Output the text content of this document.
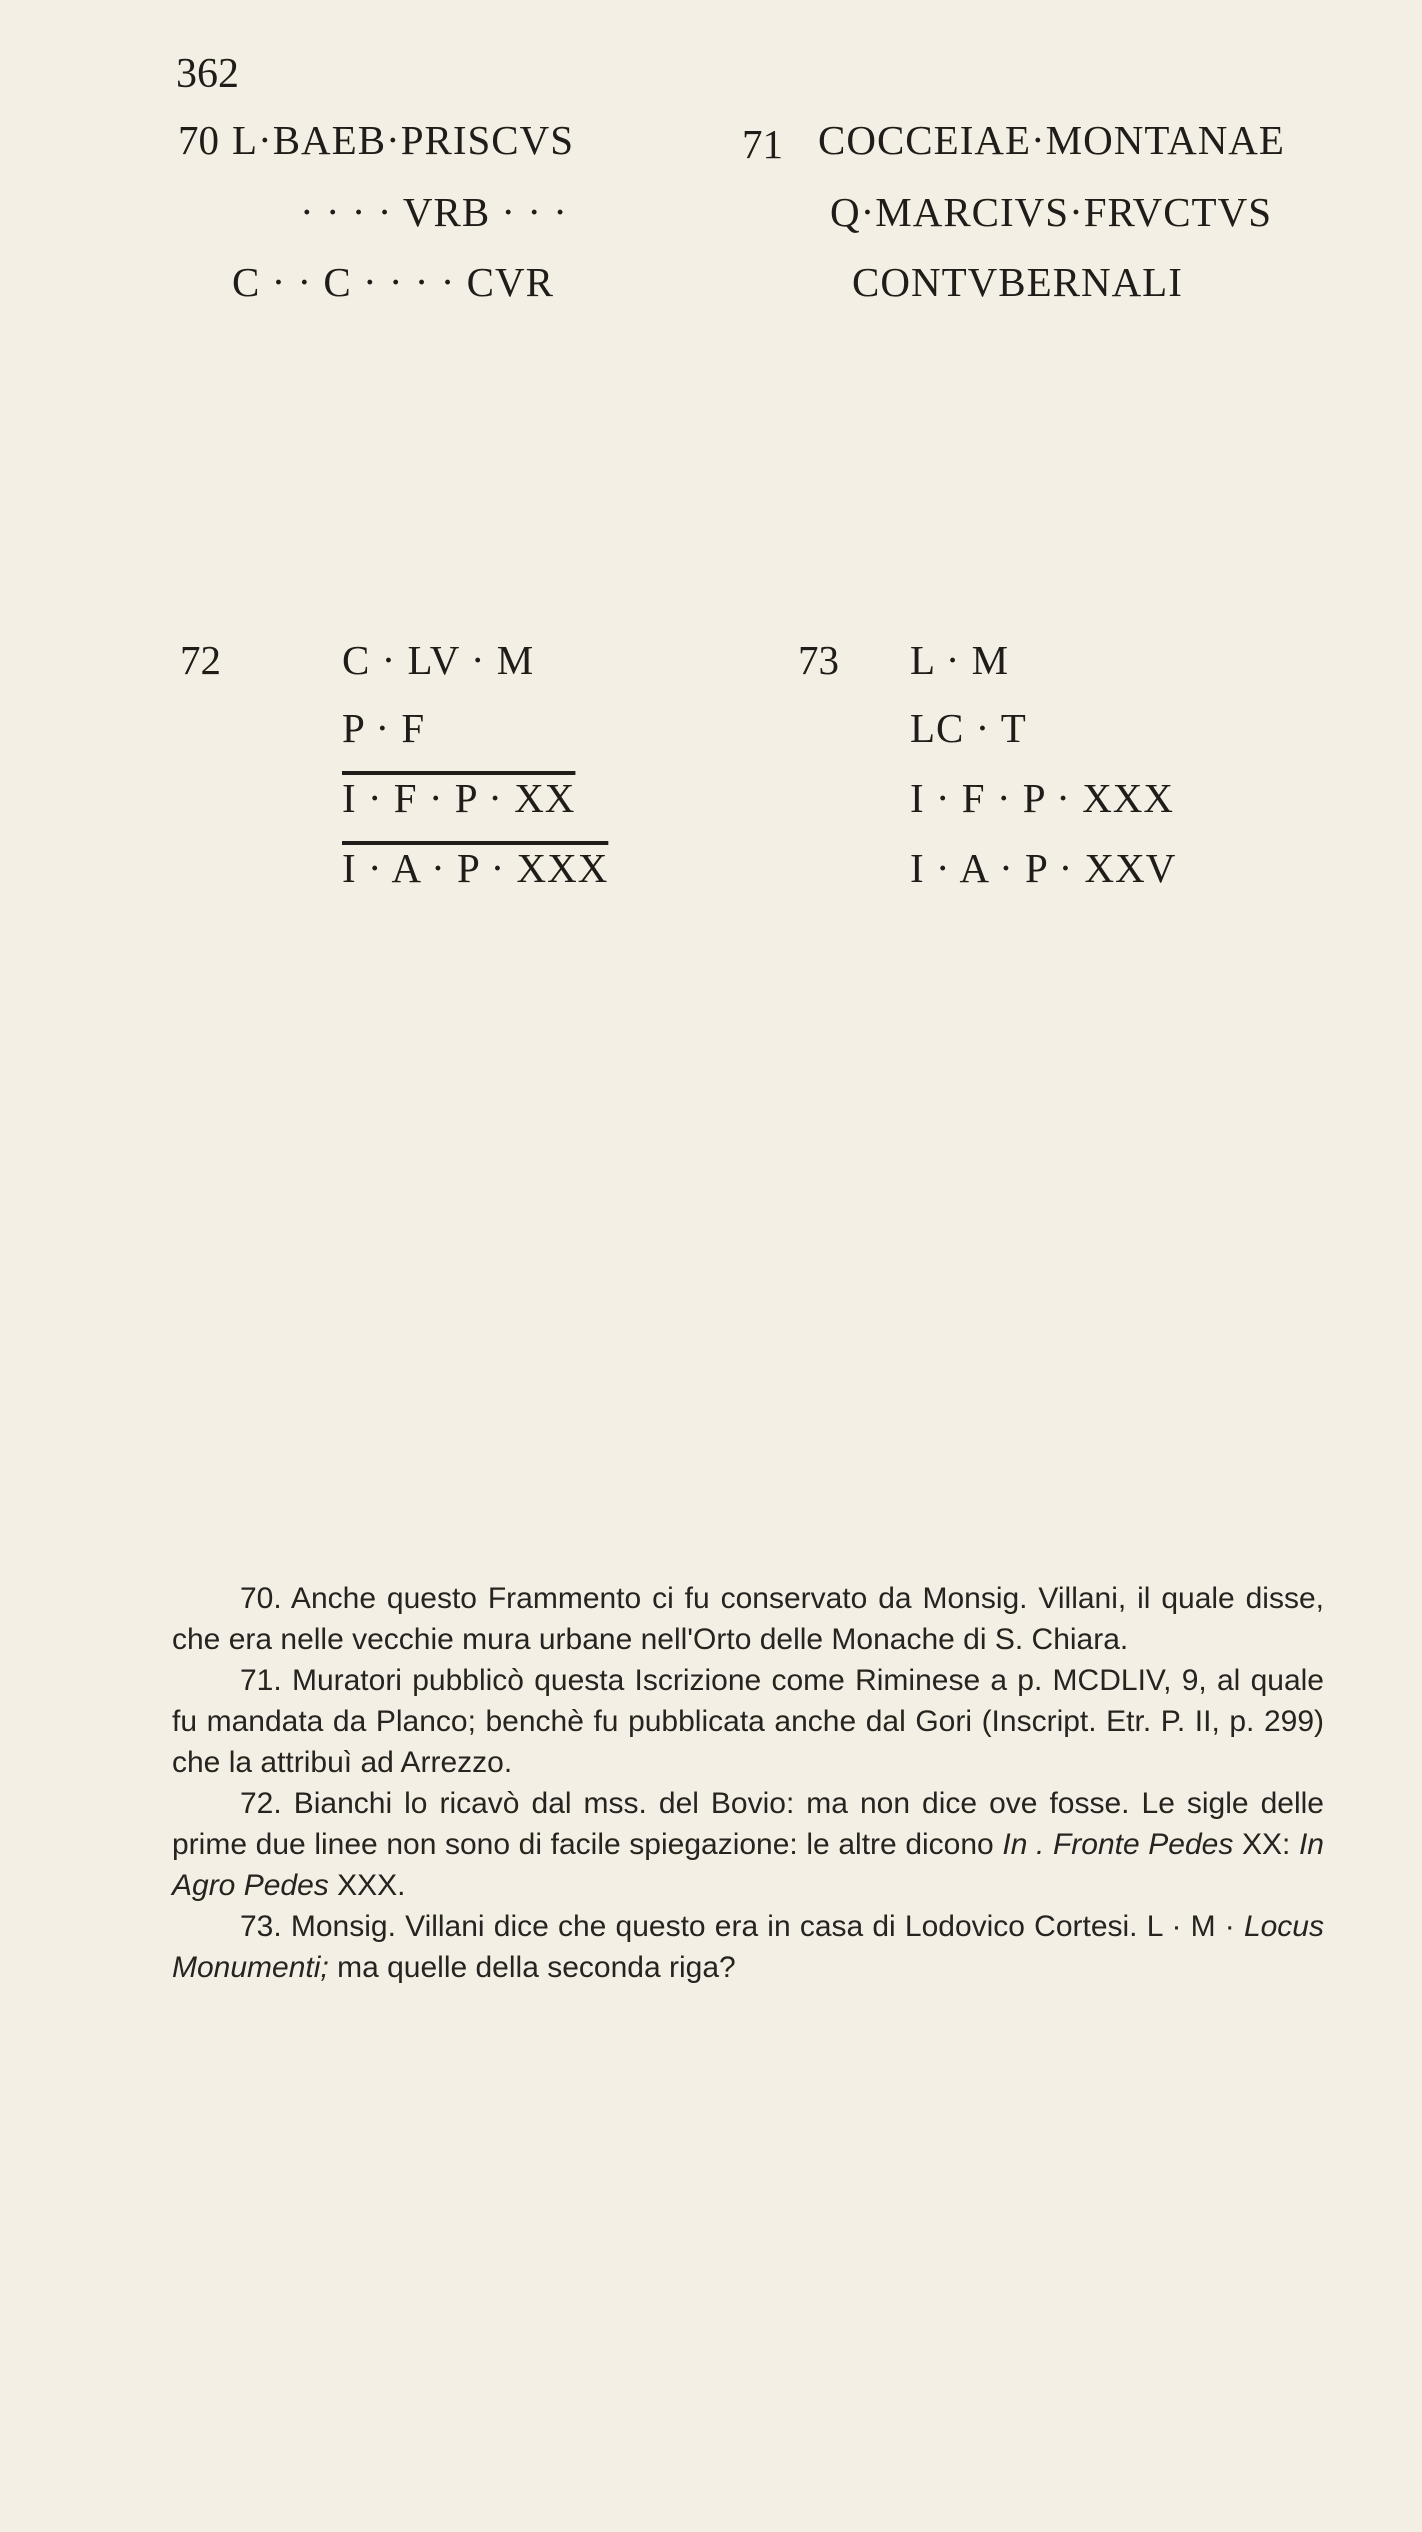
362
70 L·BAEB·PRISCVS
· · · · VRB · · ·
C · · C · · · · CVR
71 COCCEIAE·MONTANAE
Q·MARCIVS·FRVCTVS
CONTVBERNALI
72	C · LV · M
P · F
I · F · P · XX
I · A · P · XXX
73 L · M
LC · T
I · F · P · XXX
I · A · P · XXV

70. Anche questo Frammento ci fu conservato da Monsig. Villani, il quale disse, che era nelle vecchie mura urbane nell'Orto delle Monache di S. Chiara.

71. Muratori pubblicò questa Iscrizione come Riminese a p. MCDLIV, 9, al quale fu mandata da Planco; benchè fu pubblicata anche dal Gori (Inscript. Etr. P. II, p. 299) che la attribuì ad Arrezzo.

72. Bianchi lo ricavò dal mss. del Bovio: ma non dice ove fosse. Le sigle delle prime due linee non sono di facile spiegazione: le altre dicono In . Fronte Pedes XX: In Agro Pedes XXX.

73. Monsig. Villani dice che questo era in casa di Lodovico Cortesi. L · M · Locus Monumenti; ma quelle della seconda riga?
